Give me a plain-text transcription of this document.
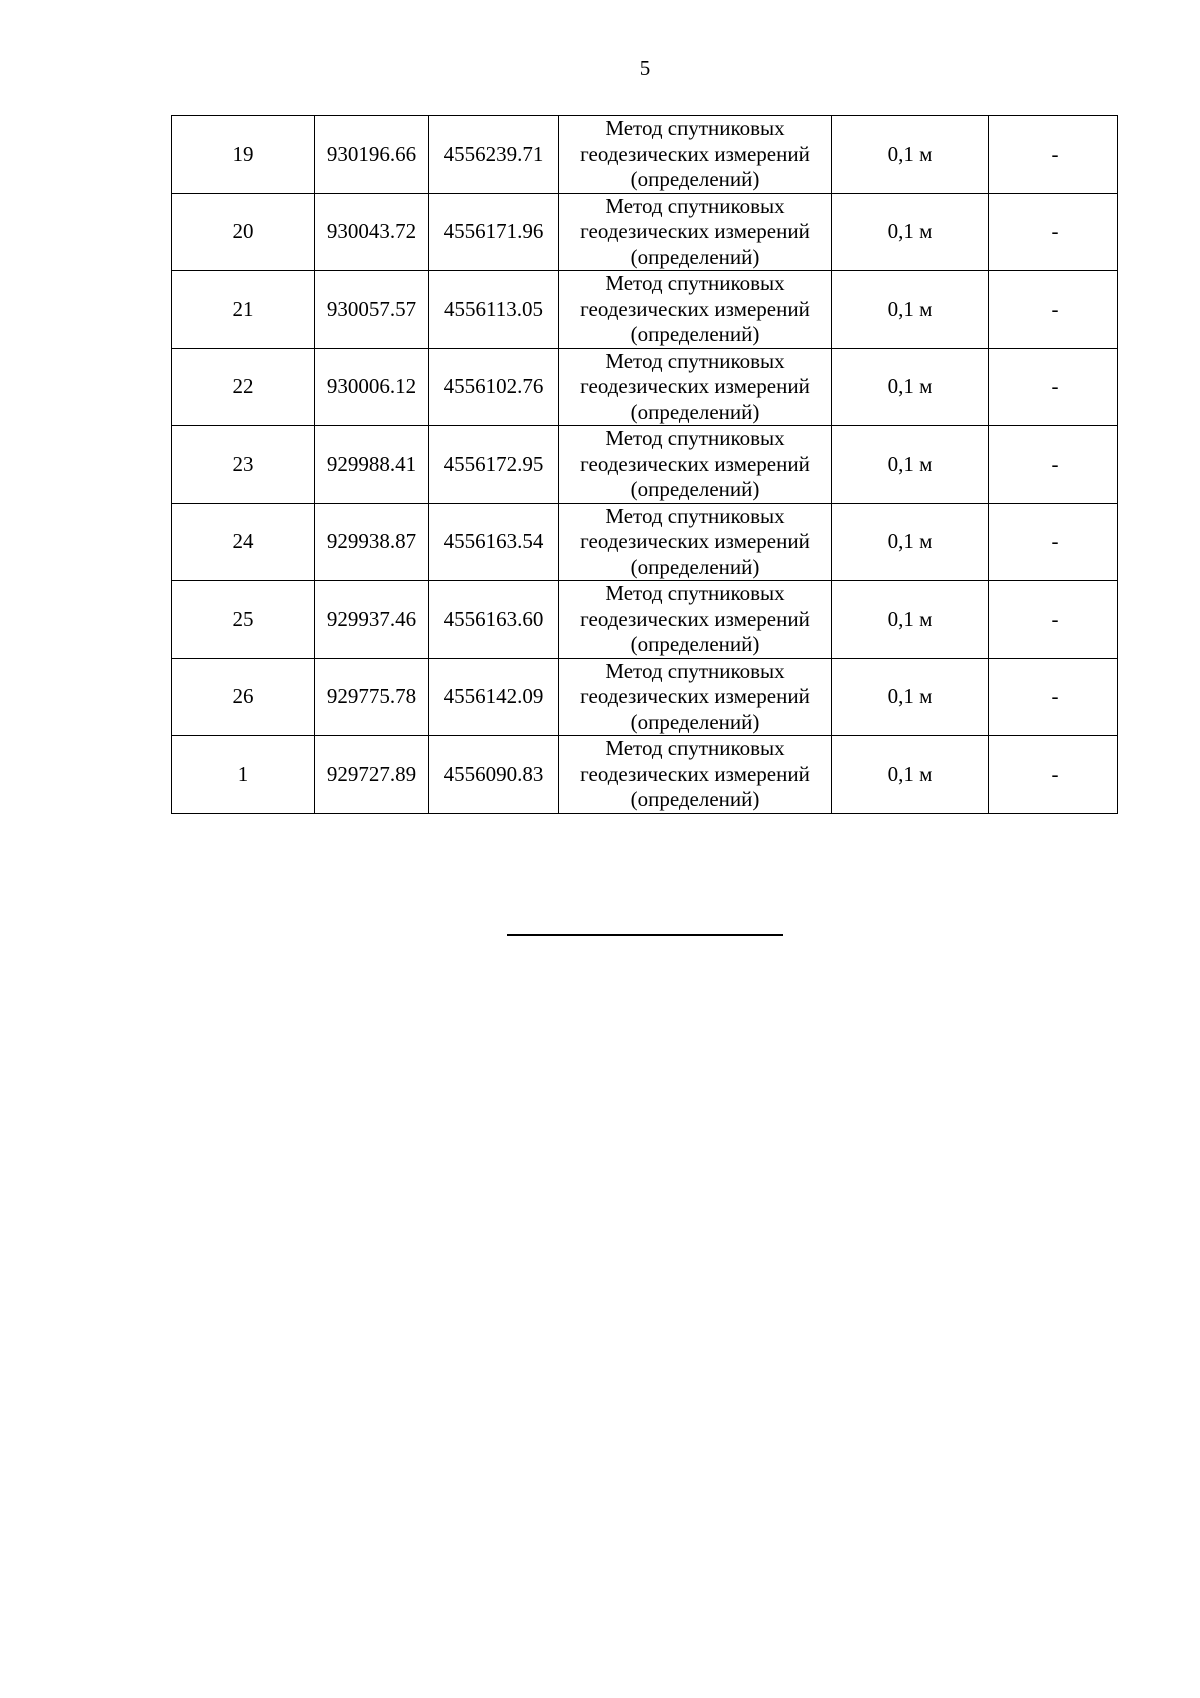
5
19	930196.66	4556239.71	Метод спутниковых
геодезических измерений
(определений)	0,1 м	-
20	930043.72	4556171.96	Метод спутниковых
геодезических измерений
(определений)	0,1 м	-
21	930057.57	4556113.05	Метод спутниковых
геодезических измерений
(определений)	0,1 м	-
22	930006.12	4556102.76	Метод спутниковых
геодезических измерений
(определений)	0,1 м	-
23	929988.41	4556172.95	Метод спутниковых
геодезических измерений
(определений)	0,1 м	-
24	929938.87	4556163.54	Метод спутниковых
геодезических измерений
(определений)	0,1 м	-
25	929937.46	4556163.60	Метод спутниковых
геодезических измерений
(определений)	0,1 м	-
26	929775.78	4556142.09	Метод спутниковых
геодезических измерений
(определений)	0,1 м	-
1	929727.89	4556090.83	Метод спутниковых
геодезических измерений
(определений)	0,1 м	-
